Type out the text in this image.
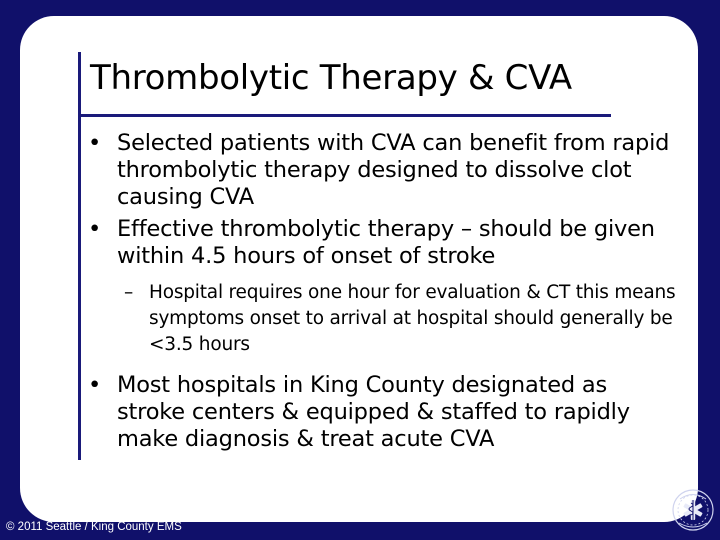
Thrombolytic Therapy & CVA
• Selected patients with CVA can benefit from rapid thrombolytic therapy designed to dissolve clot causing CVA
• Effective thrombolytic therapy – should be given within 4.5 hours of onset of stroke
– Hospital requires one hour for evaluation & CT this means symptoms onset to arrival at hospital should generally be <3.5 hours
• Most hospitals in King County designated as stroke centers & equipped & staffed to rapidly make diagnosis & treat acute CVA
© 2011 Seattle / King County EMS
